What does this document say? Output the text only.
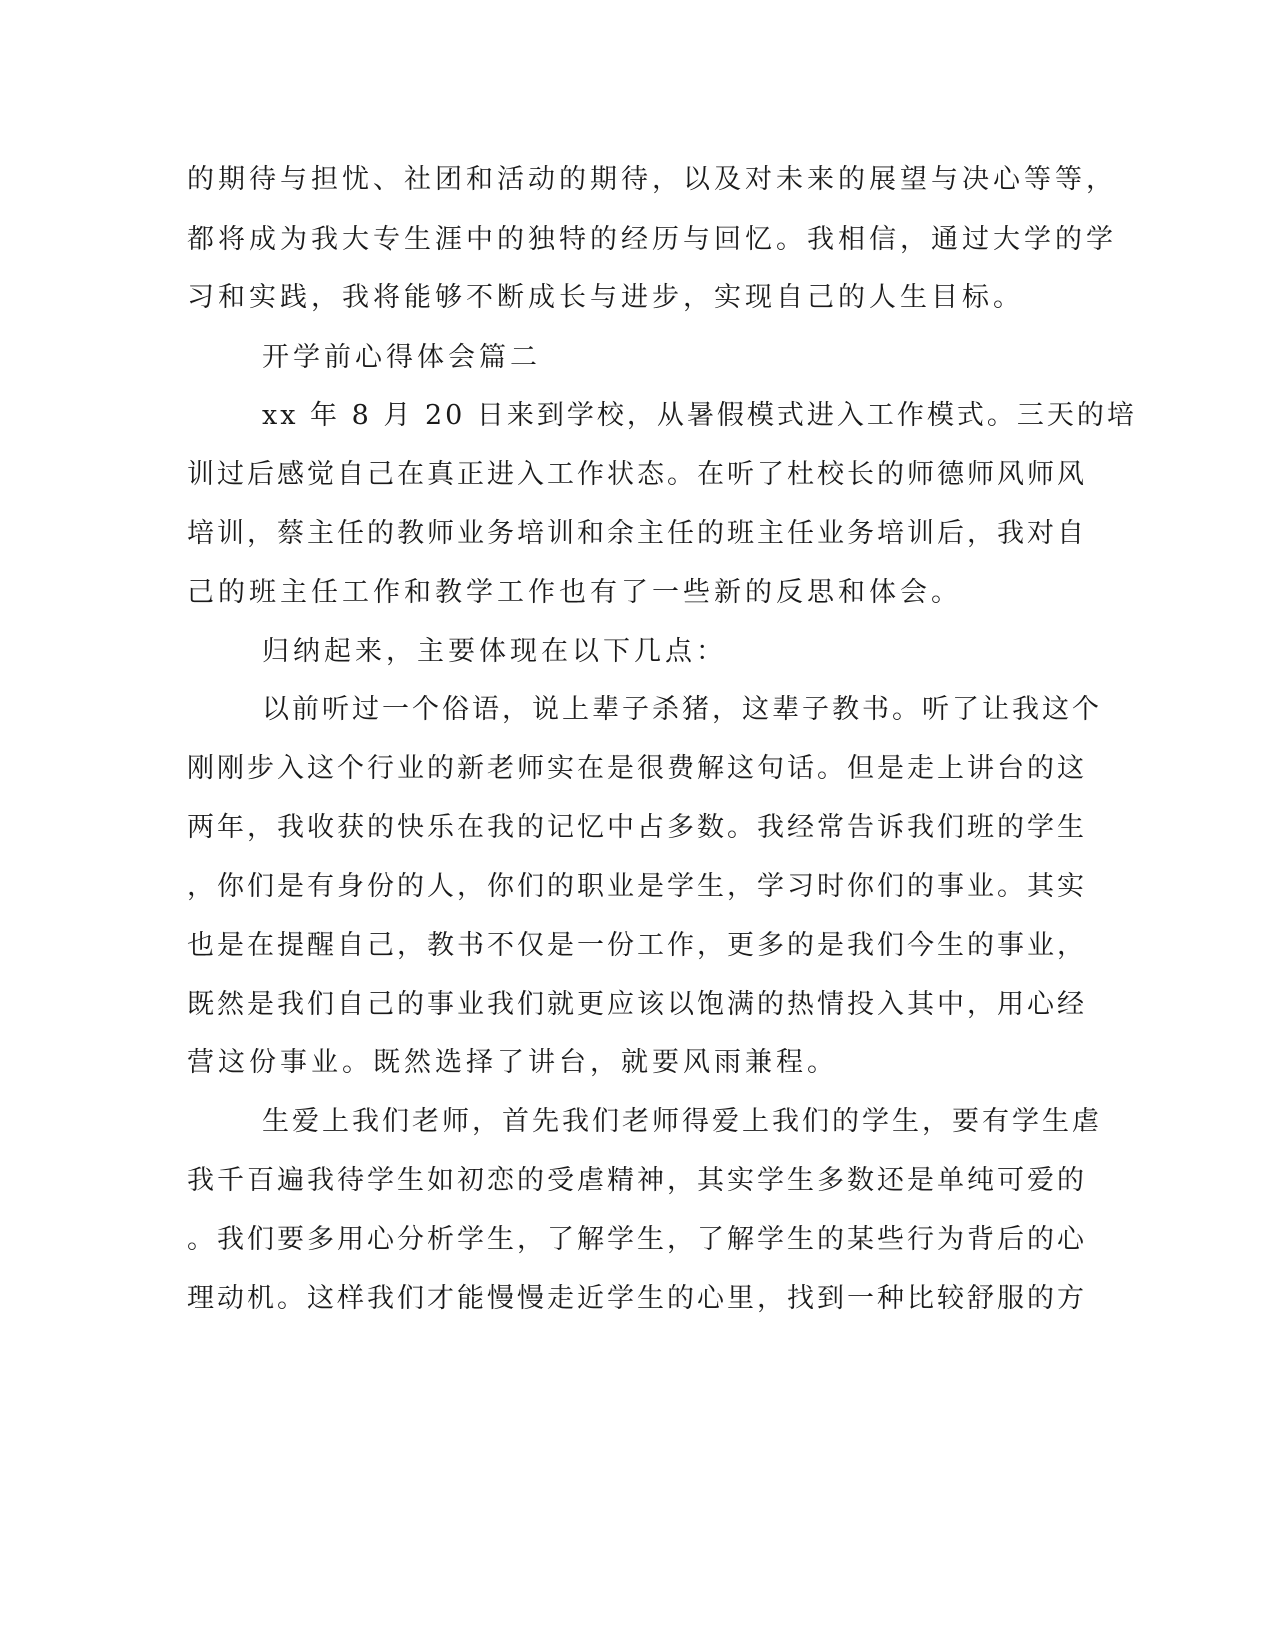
的期待与担忧、社团和活动的期待，以及对未来的展望与决心等等，
都将成为我大专生涯中的独特的经历与回忆。我相信，通过大学的学
习和实践，我将能够不断成长与进步，实现自己的人生目标。
开学前心得体会篇二
xx 年 8 月 20 日来到学校，从暑假模式进入工作模式。三天的培
训过后感觉自己在真正进入工作状态。在听了杜校长的师德师风师风
培训，蔡主任的教师业务培训和余主任的班主任业务培训后，我对自
己的班主任工作和教学工作也有了一些新的反思和体会。
归纳起来，主要体现在以下几点：
以前听过一个俗语，说上辈子杀猪，这辈子教书。听了让我这个
刚刚步入这个行业的新老师实在是很费解这句话。但是走上讲台的这
两年，我收获的快乐在我的记忆中占多数。我经常告诉我们班的学生
，你们是有身份的人，你们的职业是学生，学习时你们的事业。其实
也是在提醒自己，教书不仅是一份工作，更多的是我们今生的事业，
既然是我们自己的事业我们就更应该以饱满的热情投入其中，用心经
营这份事业。既然选择了讲台，就要风雨兼程。
生爱上我们老师，首先我们老师得爱上我们的学生，要有学生虐
我千百遍我待学生如初恋的受虐精神，其实学生多数还是单纯可爱的
。我们要多用心分析学生，了解学生，了解学生的某些行为背后的心
理动机。这样我们才能慢慢走近学生的心里，找到一种比较舒服的方
